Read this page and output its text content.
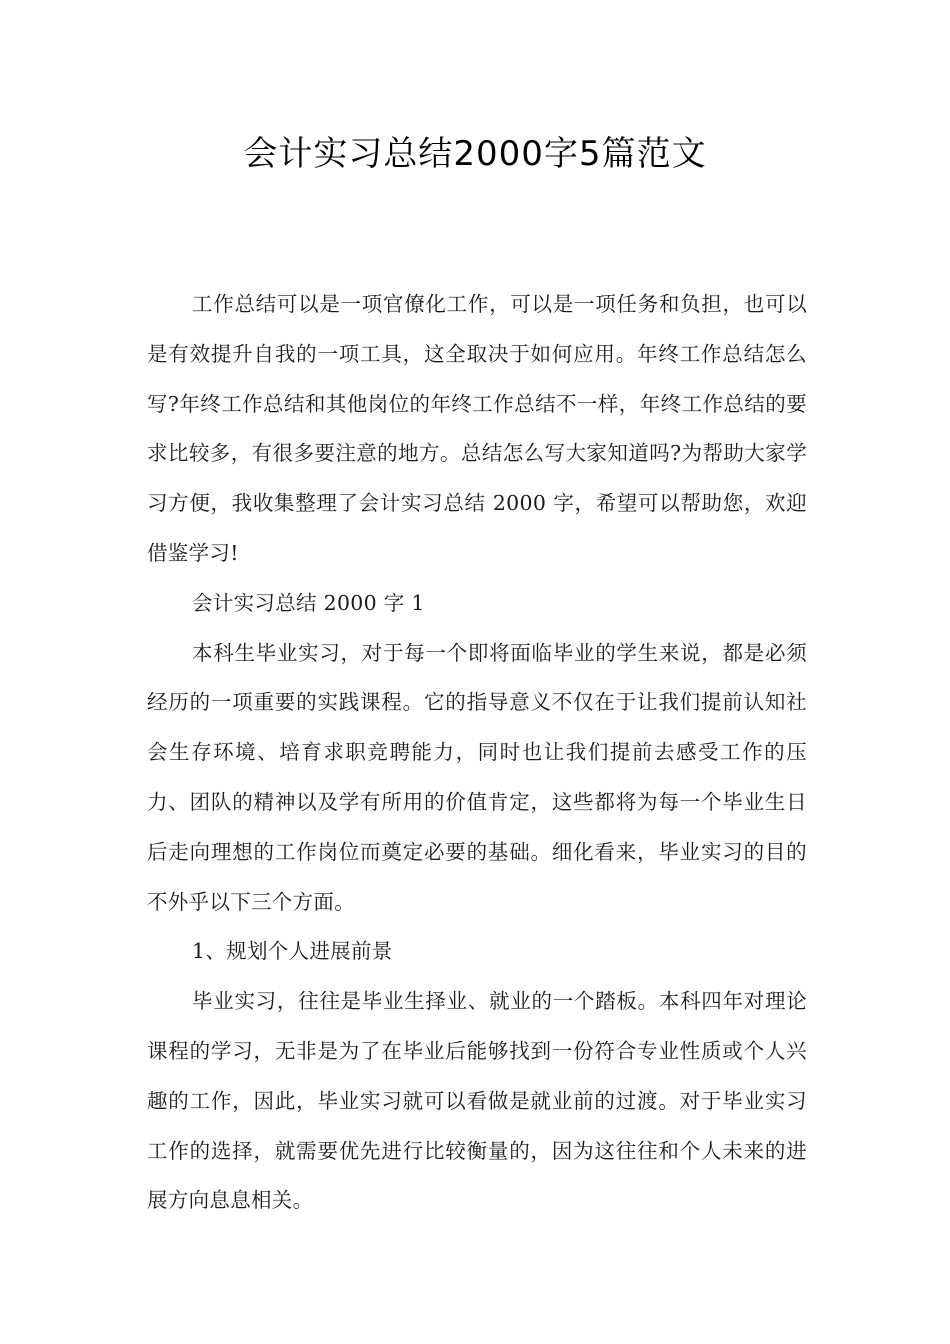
会计实习总结2000字5篇范文

工作总结可以是一项官僚化工作，可以是一项任务和负担，也可以是有效提升自我的一项工具，这全取决于如何应用。年终工作总结怎么写?年终工作总结和其他岗位的年终工作总结不一样，年终工作总结的要求比较多，有很多要注意的地方。总结怎么写大家知道吗?为帮助大家学习方便，我收集整理了会计实习总结 2000 字，希望可以帮助您，欢迎借鉴学习!

会计实习总结 2000 字 1

本科生毕业实习，对于每一个即将面临毕业的学生来说，都是必须经历的一项重要的实践课程。它的指导意义不仅在于让我们提前认知社会生存环境、培育求职竞聘能力，同时也让我们提前去感受工作的压力、团队的精神以及学有所用的价值肯定，这些都将为每一个毕业生日后走向理想的工作岗位而奠定必要的基础。细化看来，毕业实习的目的不外乎以下三个方面。

1、规划个人进展前景

毕业实习，往往是毕业生择业、就业的一个踏板。本科四年对理论课程的学习，无非是为了在毕业后能够找到一份符合专业性质或个人兴趣的工作，因此，毕业实习就可以看做是就业前的过渡。对于毕业实习工作的选择，就需要优先进行比较衡量的，因为这往往和个人未来的进展方向息息相关。
